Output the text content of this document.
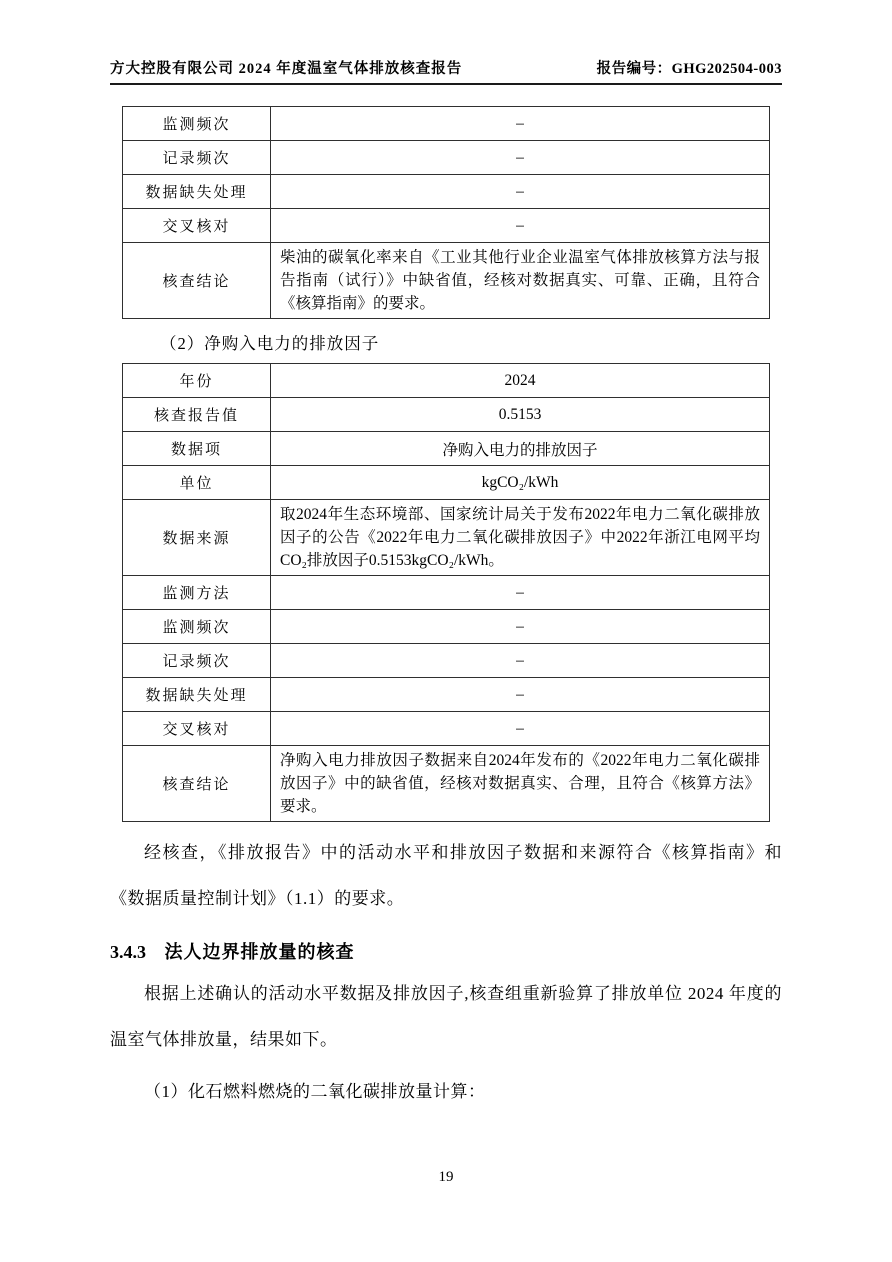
方大控股有限公司 2024 年度温室气体排放核查报告	报告编号：GHG202504-003
监测频次	–
记录频次	–
数据缺失处理	–
交叉核对	–
核查结论	柴油的碳氧化率来自《工业其他行业企业温室气体排放核算方法与报告指南（试行）》中缺省值，经核对数据真实、可靠、正确，且符合《核算指南》的要求。
（2）净购入电力的排放因子
年份	2024
核查报告值	0.5153
数据项	净购入电力的排放因子
单位	kgCO₂/kWh
数据来源	取2024年生态环境部、国家统计局关于发布2022年电力二氧化碳排放因子的公告《2022年电力二氧化碳排放因子》中2022年浙江电网平均CO₂排放因子0.5153kgCO₂/kWh。
监测方法	–
监测频次	–
记录频次	–
数据缺失处理	–
交叉核对	–
核查结论	净购入电力排放因子数据来自2024年发布的《2022年电力二氧化碳排放因子》中的缺省值，经核对数据真实、合理，且符合《核算方法》要求。

经核查，《排放报告》中的活动水平和排放因子数据和来源符合《核算指南》和《数据质量控制计划》（1.1）的要求。

3.4.3 法人边界排放量的核查

根据上述确认的活动水平数据及排放因子,核查组重新验算了排放单位 2024 年度的温室气体排放量，结果如下。

（1）化石燃料燃烧的二氧化碳排放量计算：

19
